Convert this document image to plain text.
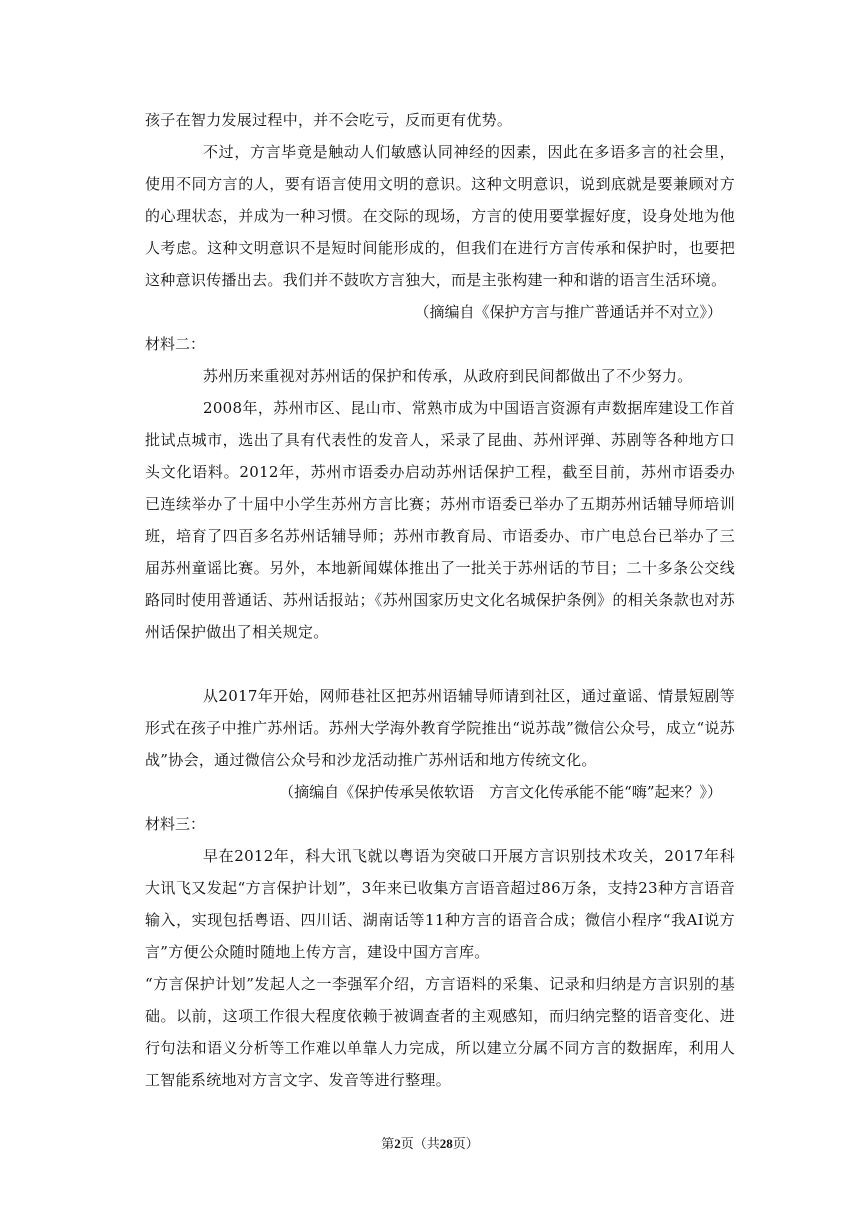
孩子在智力发展过程中，并不会吃亏，反而更有优势。

不过，方言毕竟是触动人们敏感认同神经的因素，因此在多语多言的社会里，使用不同方言的人，要有语言使用文明的意识。这种文明意识，说到底就是要兼顾对方的心理状态，并成为一种习惯。在交际的现场，方言的使用要掌握好度，设身处地为他人考虑。这种文明意识不是短时间能形成的，但我们在进行方言传承和保护时，也要把这种意识传播出去。我们并不鼓吹方言独大，而是主张构建一种和谐的语言生活环境。

（摘编自《保护方言与推广普通话并不对立》）
材料二：

苏州历来重视对苏州话的保护和传承，从政府到民间都做出了不少努力。

2008年，苏州市区、昆山市、常熟市成为中国语言资源有声数据库建设工作首批试点城市，选出了具有代表性的发音人，采录了昆曲、苏州评弹、苏剧等各种地方口头文化语料。2012年，苏州市语委办启动苏州话保护工程，截至目前，苏州市语委办已连续举办了十届中小学生苏州方言比赛；苏州市语委已举办了五期苏州话辅导师培训班，培育了四百多名苏州话辅导师；苏州市教育局、市语委办、市广电总台已举办了三届苏州童谣比赛。另外，本地新闻媒体推出了一批关于苏州话的节目；二十多条公交线路同时使用普通话、苏州话报站；《苏州国家历史文化名城保护条例》的相关条款也对苏州话保护做出了相关规定。

从2017年开始，网师巷社区把苏州语辅导师请到社区，通过童谣、情景短剧等形式在孩子中推广苏州话。苏州大学海外教育学院推出“说苏哉”微信公众号，成立“说苏战”协会，通过微信公众号和沙龙活动推广苏州话和地方传统文化。

（摘编自《保护传承吴侬软语　方言文化传承能不能“嗨”起来？》）
材料三：

早在2012年，科大讯飞就以粤语为突破口开展方言识别技术攻关，2017年科大讯飞又发起“方言保护计划”，3年来已收集方言语音超过86万条，支持23种方言语音输入，实现包括粤语、四川话、湖南话等11种方言的语音合成；微信小程序“我AI说方言”方便公众随时随地上传方言，建设中国方言库。

“方言保护计划”发起人之一李强军介绍，方言语料的采集、记录和归纳是方言识别的基础。以前，这项工作很大程度依赖于被调查者的主观感知，而归纳完整的语音变化、进行句法和语义分析等工作难以单靠人力完成，所以建立分属不同方言的数据库，利用人工智能系统地对方言文字、发音等进行整理。

第2页（共28页）
